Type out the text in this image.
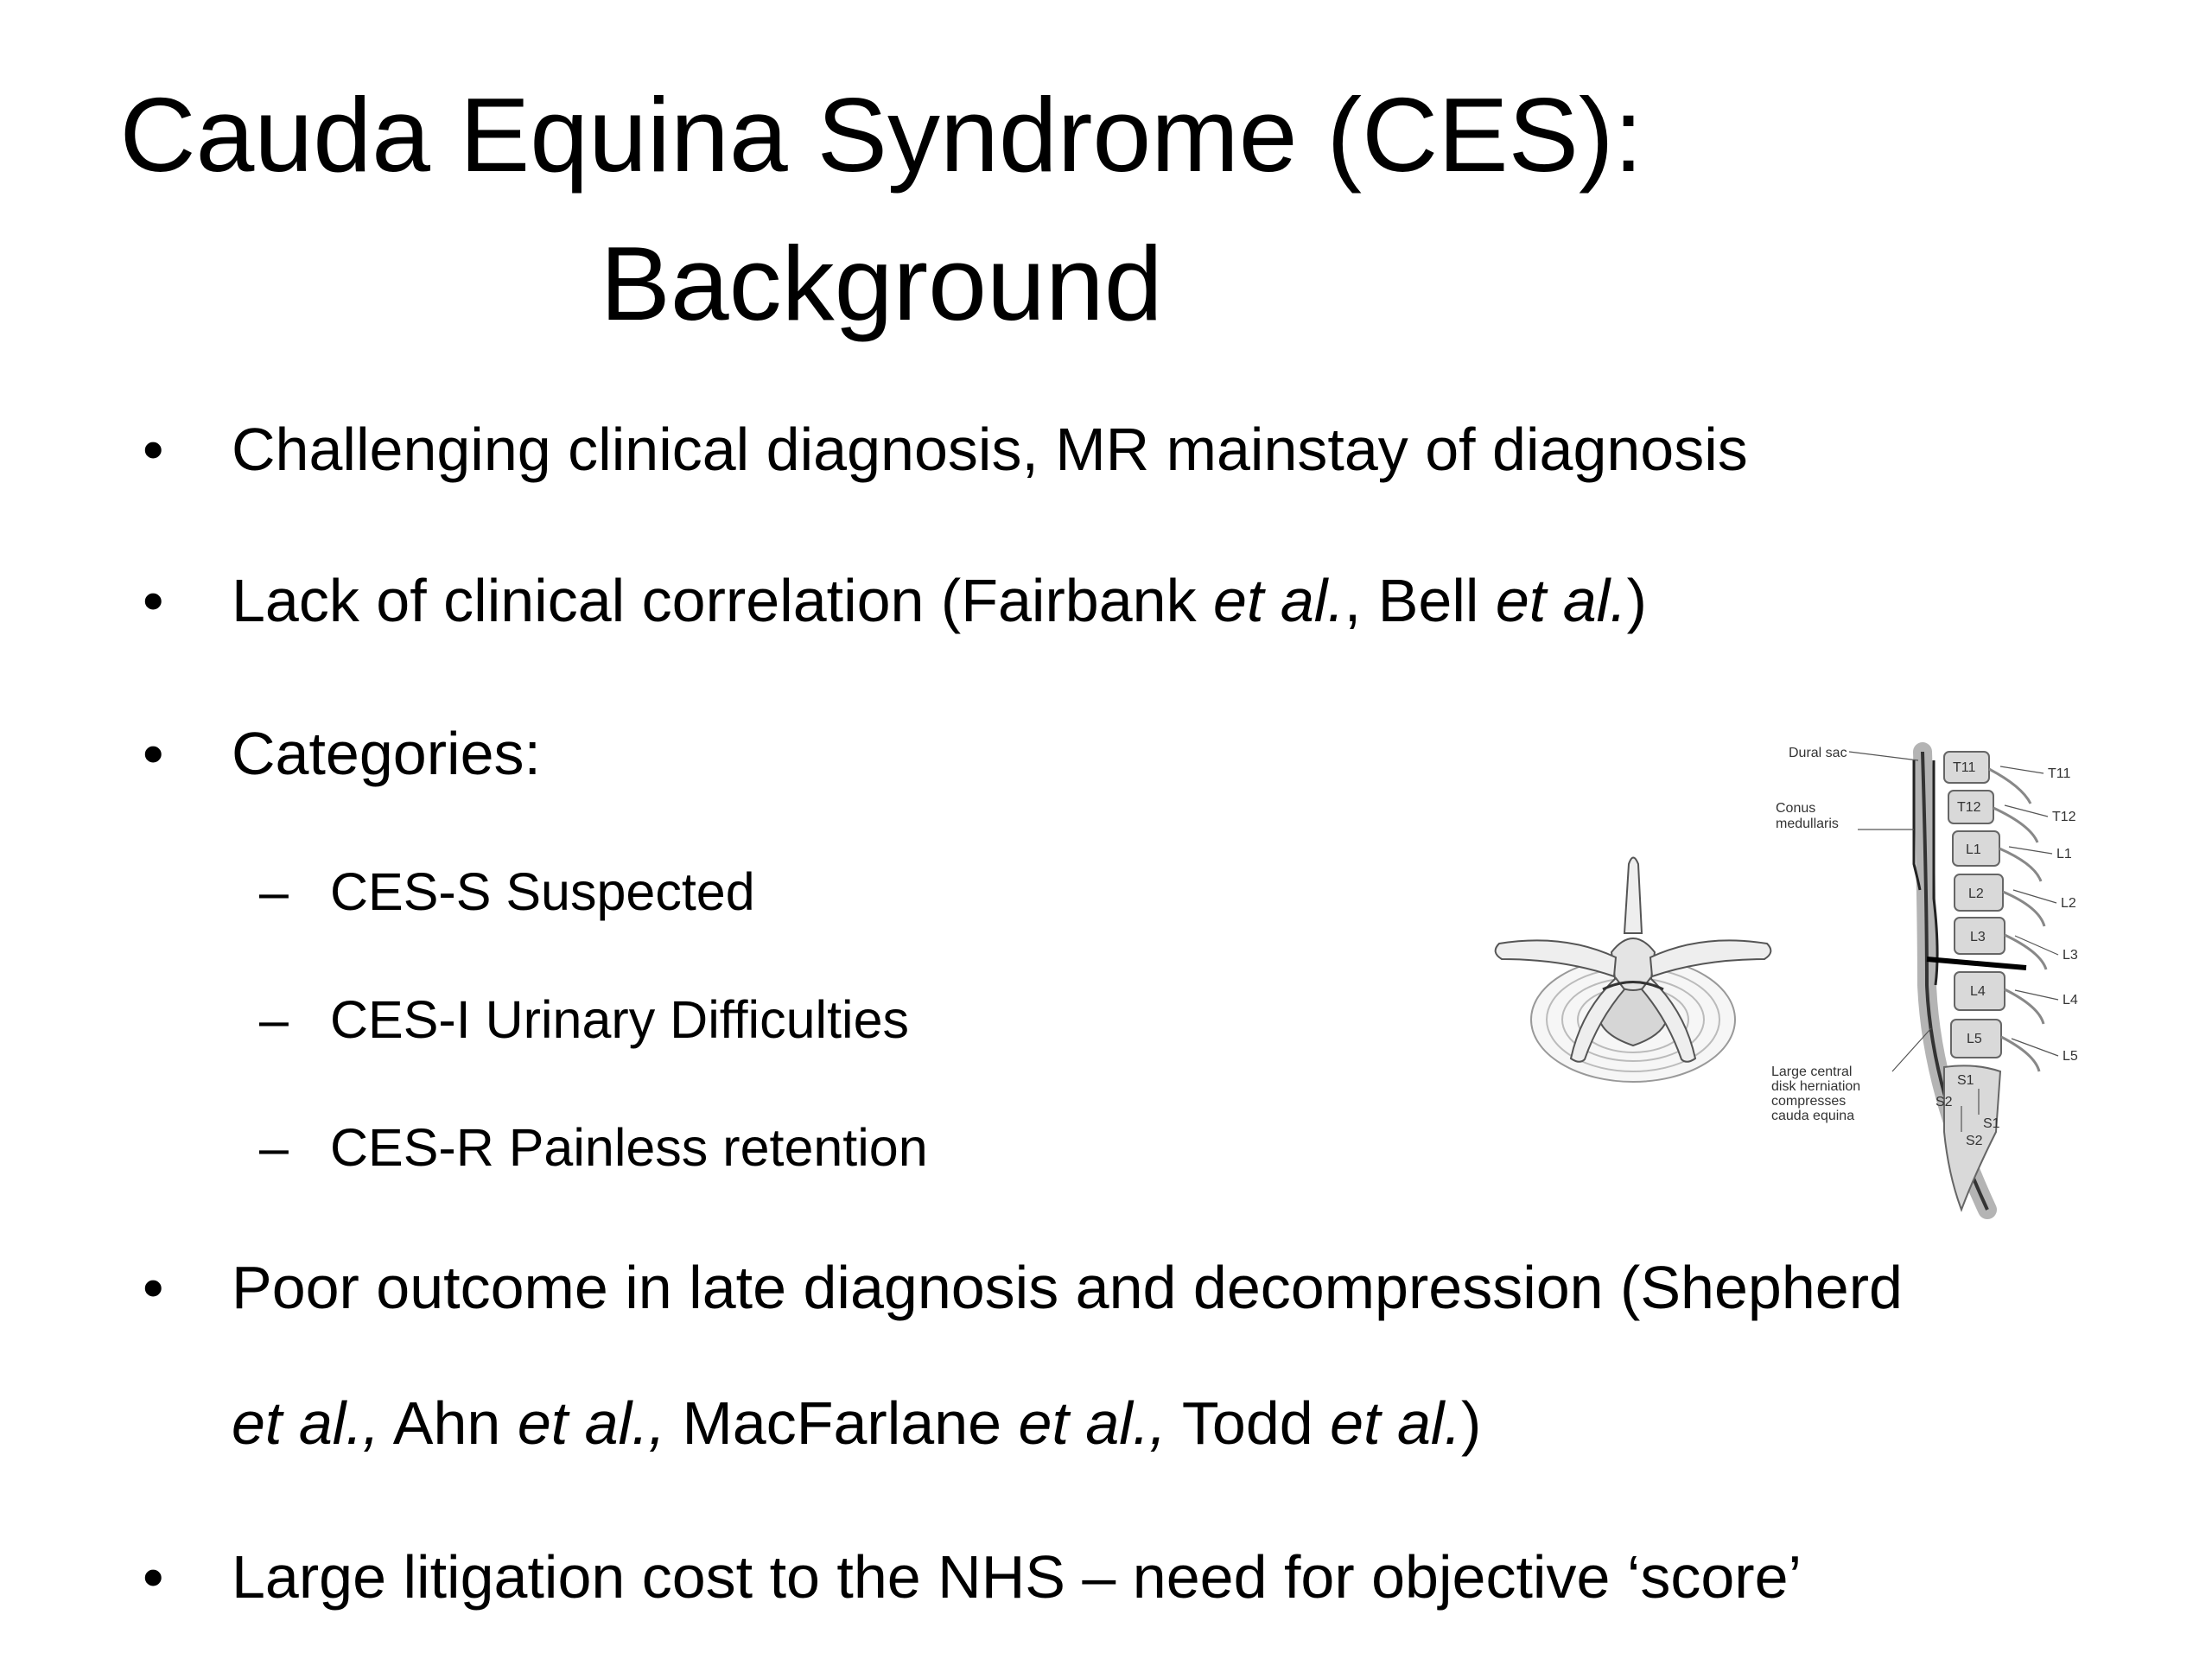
Cauda Equina Syndrome (CES):
Background
•	Challenging clinical diagnosis, MR mainstay of diagnosis
•	Lack of clinical correlation (Fairbank et al., Bell et al.)
•	Categories:
– CES-S Suspected
– CES-I Urinary Difficulties
– CES-R Painless retention
•	Poor outcome in late diagnosis and decompression (Shepherd
et al., Ahn et al., MacFarlane et al., Todd et al.)
•	Large litigation cost to the NHS – need for objective ‘score’
Dural sac
Conus
medullaris
Large central
disk herniation
compresses
cauda equina
T11
T12
L1
L2
L3
L4
L5
S1
S2
T11
T12
L1
L2
L3
L4
L5
S1
S2
